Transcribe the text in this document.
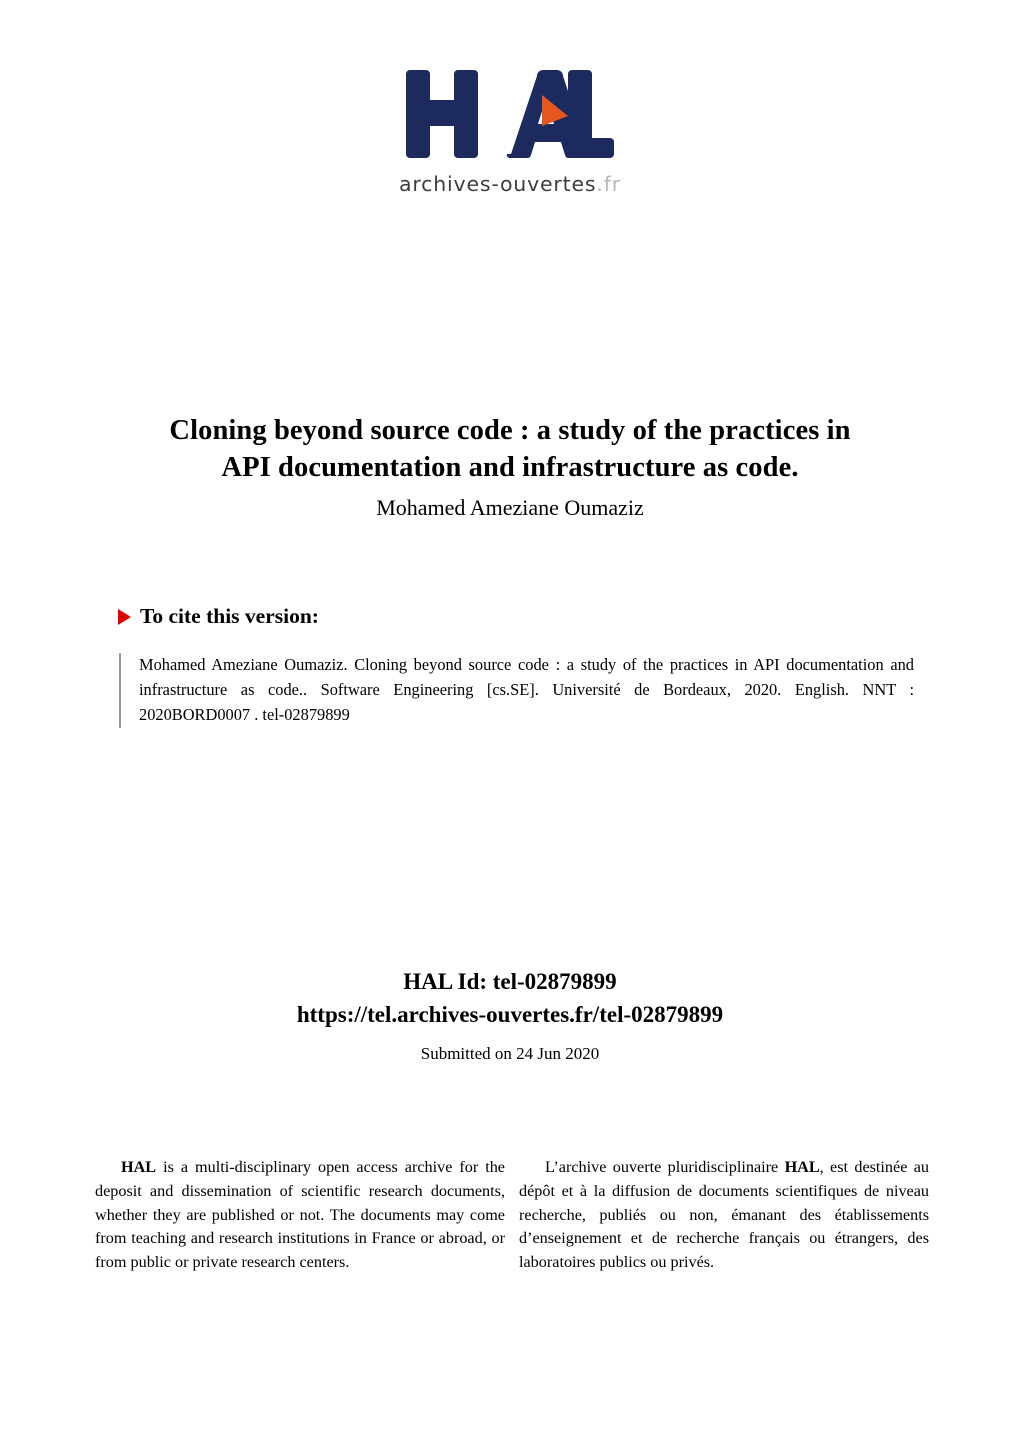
archives-ouvertes.fr
Cloning beyond source code : a study of the practices in
API documentation and infrastructure as code.
Mohamed Ameziane Oumaziz
To cite this version:
Mohamed Ameziane Oumaziz. Cloning beyond source code : a study of the practices in API documentation and infrastructure as code.. Software Engineering [cs.SE]. Université de Bordeaux, 2020. English. NNT : 2020BORD0007 . tel-02879899
HAL Id: tel-02879899
https://tel.archives-ouvertes.fr/tel-02879899
Submitted on 24 Jun 2020

HAL is a multi-disciplinary open access archive for the deposit and dissemination of scientific research documents, whether they are published or not. The documents may come from teaching and research institutions in France or abroad, or from public or private research centers.

L’archive ouverte pluridisciplinaire HAL, est destinée au dépôt et à la diffusion de documents scientifiques de niveau recherche, publiés ou non, émanant des établissements d’enseignement et de recherche français ou étrangers, des laboratoires publics ou privés.
